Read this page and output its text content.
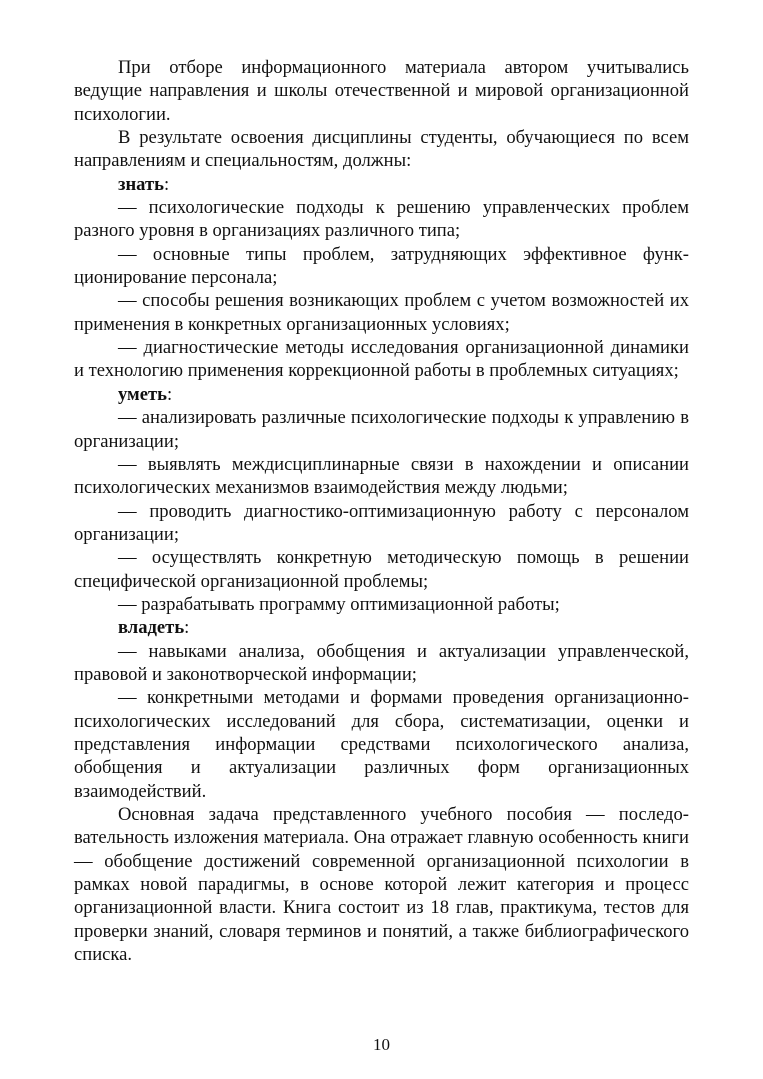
При отборе информационного материала автором учитывались ведущие направления и школы отечественной и мировой организационной психологии.

В результате освоения дисциплины студенты, обучающиеся по всем направлениям и специальностям, должны:

знать:

— психологические подходы к решению управленческих проблем разного уровня в организациях различного типа;

— основные типы проблем, затрудняющих эффективное функционирование персонала;

— способы решения возникающих проблем с учетом возможностей их применения в конкретных организационных условиях;

— диагностические методы исследования организационной динамики и технологию применения коррекционной работы в проблемных ситуациях;

уметь:

— анализировать различные психологические подходы к управлению в организации;

— выявлять междисциплинарные связи в нахождении и описании психологических механизмов взаимодействия между людьми;

— проводить диагностико-оптимизационную работу с персоналом организации;

— осуществлять конкретную методическую помощь в решении специфической организационной проблемы;

— разрабатывать программу оптимизационной работы;

владеть:

— навыками анализа, обобщения и актуализации управленческой, правовой и законотворческой информации;

— конкретными методами и формами проведения организационно-психологических исследований для сбора, систематизации, оценки и представления информации средствами психологического анализа, обобщения и актуализации различных форм организационных взаимодействий.

Основная задача представленного учебного пособия — последовательность изложения материала. Она отражает главную особенность книги — обобщение достижений современной организационной психологии в рамках новой парадигмы, в основе которой лежит категория и процесс организационной власти. Книга состоит из 18 глав, практикума, тестов для проверки знаний, словаря терминов и понятий, а также библиографического списка.

10
